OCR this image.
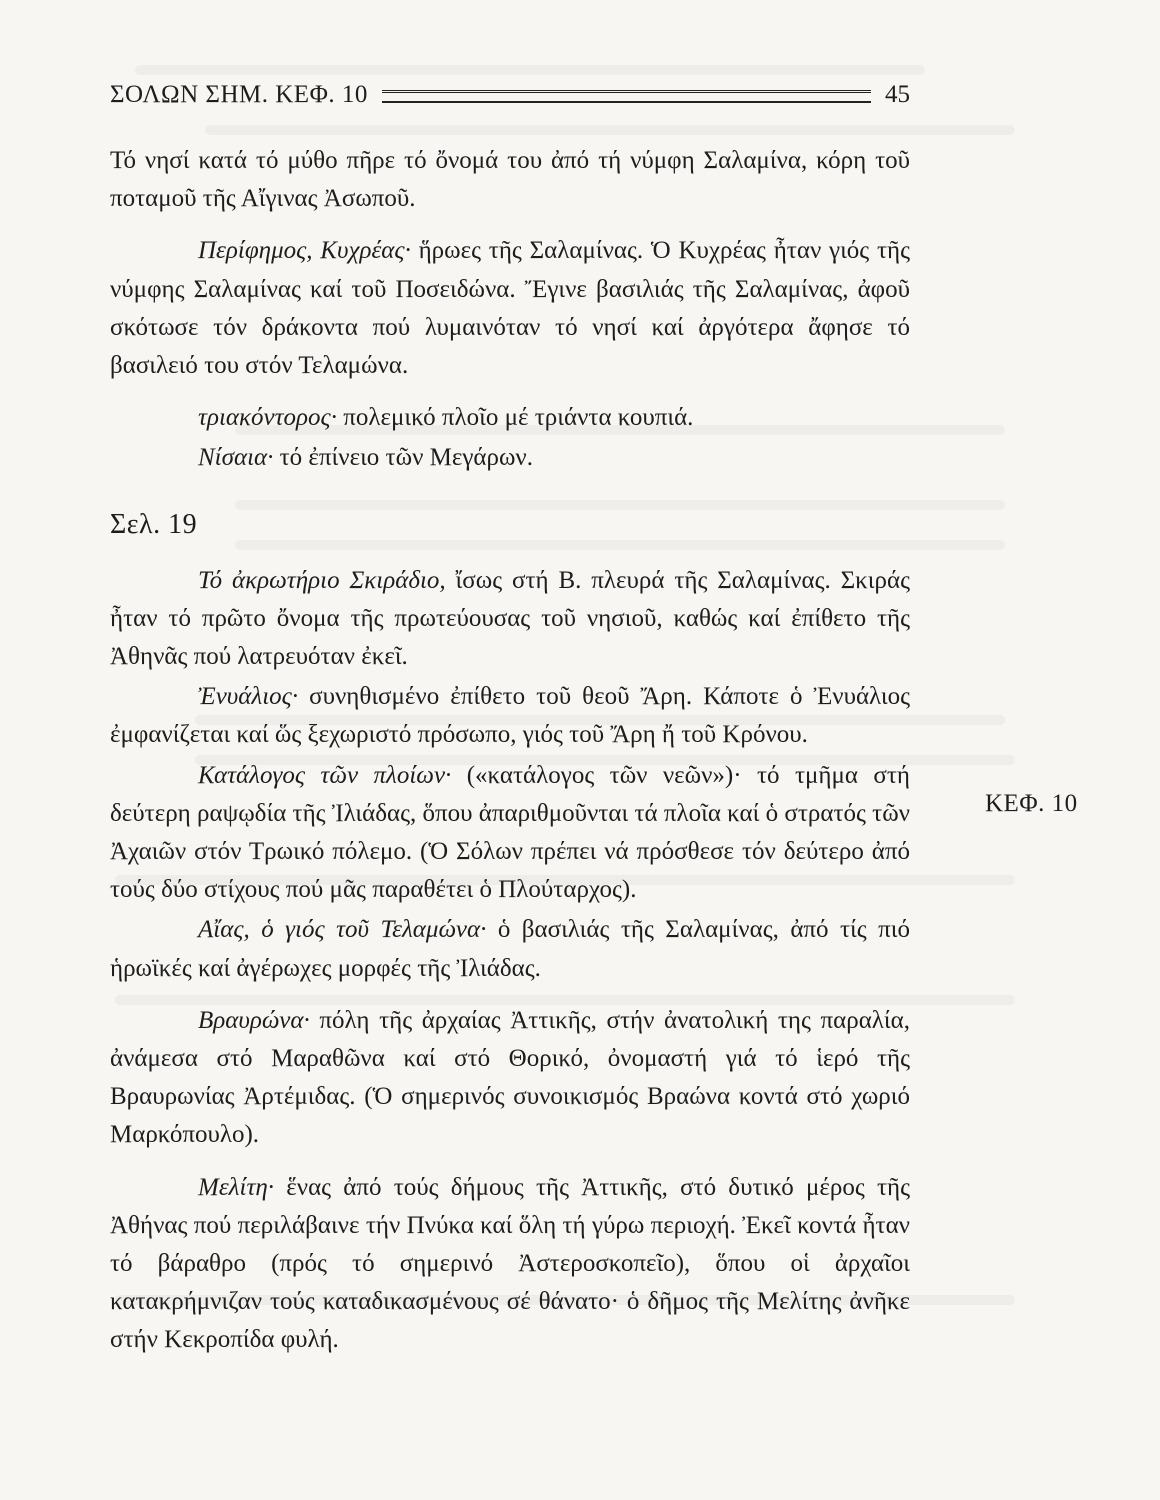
ΣΟΛΩΝ ΣΗΜ. ΚΕΦ. 10	45

Τό νησί κατά τό μύθο πῆρε τό ὄνομά του ἀπό τή νύμφη Σαλαμίνα, κόρη τοῦ ποταμοῦ τῆς Αἴγινας Ἀσωποῦ.

Περίφημος, Κυχρέας· ἥρωες τῆς Σαλαμίνας. Ὁ Κυχρέας ἦταν γιός τῆς νύμφης Σαλαμίνας καί τοῦ Ποσειδώνα. Ἔγινε βασιλιάς τῆς Σαλαμίνας, ἀφοῦ σκότωσε τόν δράκοντα πού λυμαινόταν τό νησί καί ἀργότερα ἄφησε τό βασιλειό του στόν Τελαμώνα.

τριακόντορος· πολεμικό πλοῖο μέ τριάντα κουπιά.

Νίσαια· τό ἐπίνειο τῶν Μεγάρων.

Σελ. 19

Τό ἀκρωτήριο Σκιράδιο, ἴσως στή Β. πλευρά τῆς Σαλαμίνας. Σκιράς ἦταν τό πρῶτο ὄνομα τῆς πρωτεύουσας τοῦ νησιοῦ, καθώς καί ἐπίθετο τῆς Ἀθηνᾶς πού λατρευόταν ἐκεῖ.

Ἐνυάλιος· συνηθισμένο ἐπίθετο τοῦ θεοῦ Ἄρη. Κάποτε ὁ Ἐνυάλιος ἐμφανίζεται καί ὥς ξεχωριστό πρόσωπο, γιός τοῦ Ἄρη ἤ τοῦ Κρόνου.

Κατάλογος τῶν πλοίων· («κατάλογος τῶν νεῶν»)· τό τμῆμα στή δεύτερη ραψῳδία τῆς Ἰλιάδας, ὅπου ἀπαριθμοῦνται τά πλοῖα καί ὁ στρατός τῶν Ἀχαιῶν στόν Τρωικό πόλεμο. (Ὁ Σόλων πρέπει νά πρόσθεσε τόν δεύτερο ἀπό τούς δύο στίχους πού μᾶς παραθέτει ὁ Πλούταρχος).

Αἴας, ὁ γιός τοῦ Τελαμώνα· ὁ βασιλιάς τῆς Σαλαμίνας, ἀπό τίς πιό ἡρωϊκές καί ἀγέρωχες μορφές τῆς Ἰλιάδας.

Βραυρώνα· πόλη τῆς ἀρχαίας Ἀττικῆς, στήν ἀνατολική της παραλία, ἀνάμεσα στό Μαραθῶνα καί στό Θορικό, ὀνομαστή γιά τό ἱερό τῆς Βραυρωνίας Ἀρτέμιδας. (Ὁ σημερινός συνοικισμός Βραώνα κοντά στό χωριό Μαρκόπουλο).

Μελίτη· ἕνας ἀπό τούς δήμους τῆς Ἀττικῆς, στό δυτικό μέρος τῆς Ἀθήνας πού περιλάβαινε τήν Πνύκα καί ὅλη τή γύρω περιοχή. Ἐκεῖ κοντά ἦταν τό βάραθρο (πρός τό σημερινό Ἀστεροσκοπεῖο), ὅπου οἱ ἀρχαῖοι κατακρήμνιζαν τούς καταδικασμένους σέ θάνατο· ὁ δῆμος τῆς Μελίτης ἀνῆκε στήν Κεκροπίδα φυλή.

ΚΕΦ. 10
